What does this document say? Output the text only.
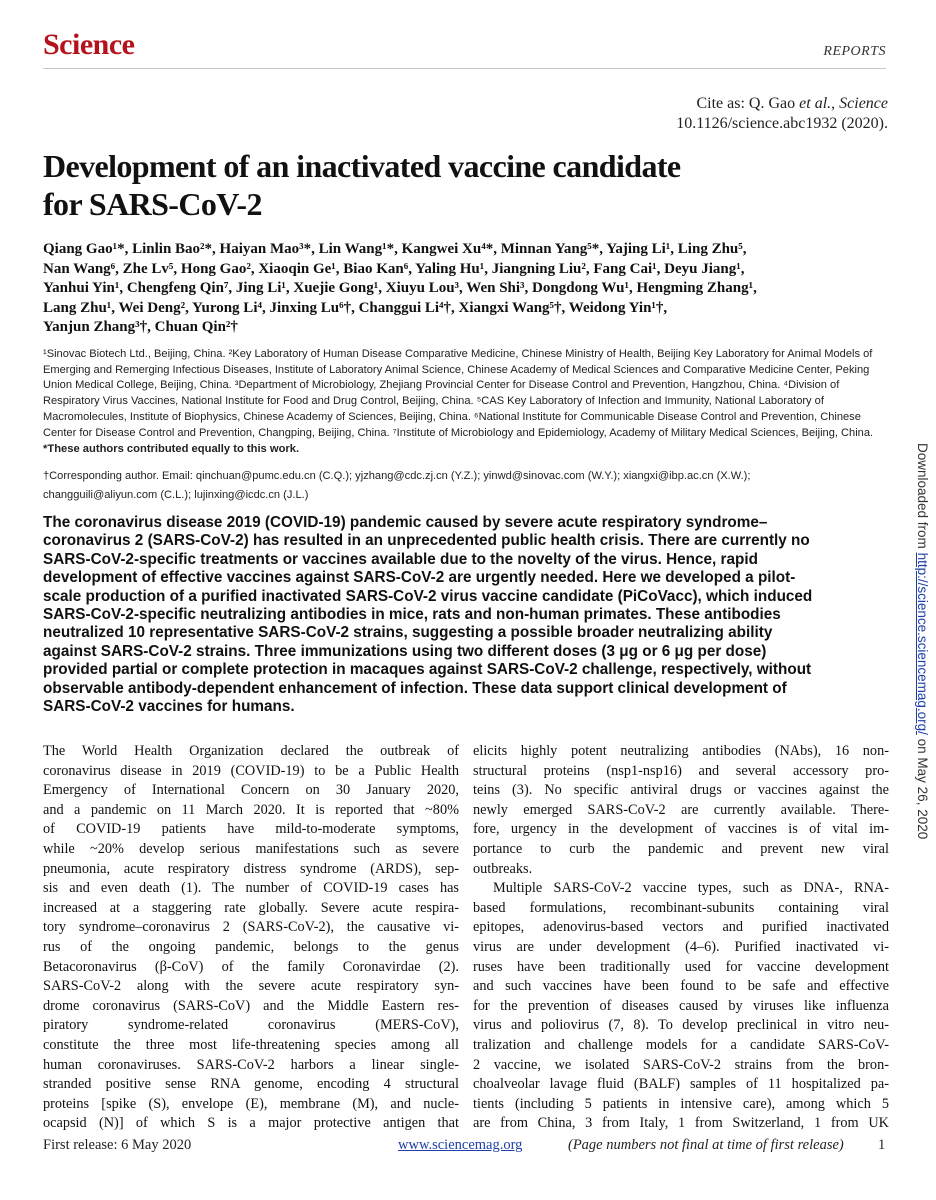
Science	REPORTS
Cite as: Q. Gao et al., Science
10.1126/science.abc1932 (2020).
Development of an inactivated vaccine candidate
for SARS-CoV-2
Qiang Gao¹*, Linlin Bao²*, Haiyan Mao³*, Lin Wang¹*, Kangwei Xu⁴*, Minnan Yang⁵*, Yajing Li¹, Ling Zhu⁵,
Nan Wang⁶, Zhe Lv⁵, Hong Gao², Xiaoqin Ge¹, Biao Kan⁶, Yaling Hu¹, Jiangning Liu², Fang Cai¹, Deyu Jiang¹,
Yanhui Yin¹, Chengfeng Qin⁷, Jing Li¹, Xuejie Gong¹, Xiuyu Lou³, Wen Shi³, Dongdong Wu¹, Hengming Zhang¹,
Lang Zhu¹, Wei Deng², Yurong Li⁴, Jinxing Lu⁶†, Changgui Li⁴†, Xiangxi Wang⁵†, Weidong Yin¹†,
Yanjun Zhang³†, Chuan Qin²†
¹Sinovac Biotech Ltd., Beijing, China. ²Key Laboratory of Human Disease Comparative Medicine, Chinese Ministry of Health, Beijing Key Laboratory for Animal Models of
Emerging and Remerging Infectious Diseases, Institute of Laboratory Animal Science, Chinese Academy of Medical Sciences and Comparative Medicine Center, Peking
Union Medical College, Beijing, China. ³Department of Microbiology, Zhejiang Provincial Center for Disease Control and Prevention, Hangzhou, China. ⁴Division of
Respiratory Virus Vaccines, National Institute for Food and Drug Control, Beijing, China. ⁵CAS Key Laboratory of Infection and Immunity, National Laboratory of
Macromolecules, Institute of Biophysics, Chinese Academy of Sciences, Beijing, China. ⁶National Institute for Communicable Disease Control and Prevention, Chinese
Center for Disease Control and Prevention, Changping, Beijing, China. ⁷Institute of Microbiology and Epidemiology, Academy of Military Medical Sciences, Beijing, China.
*These authors contributed equally to this work.
†Corresponding author. Email: qinchuan@pumc.edu.cn (C.Q.); yjzhang@cdc.zj.cn (Y.Z.); yinwd@sinovac.com (W.Y.); xiangxi@ibp.ac.cn (X.W.);
changguili@aliyun.com (C.L.); lujinxing@icdc.cn (J.L.)
The coronavirus disease 2019 (COVID-19) pandemic caused by severe acute respiratory syndrome–
coronavirus 2 (SARS-CoV-2) has resulted in an unprecedented public health crisis. There are currently no
SARS-CoV-2-specific treatments or vaccines available due to the novelty of the virus. Hence, rapid
development of effective vaccines against SARS-CoV-2 are urgently needed. Here we developed a pilot-
scale production of a purified inactivated SARS-CoV-2 virus vaccine candidate (PiCoVacc), which induced
SARS-CoV-2-specific neutralizing antibodies in mice, rats and non-human primates. These antibodies
neutralized 10 representative SARS-CoV-2 strains, suggesting a possible broader neutralizing ability
against SARS-CoV-2 strains. Three immunizations using two different doses (3 μg or 6 μg per dose)
provided partial or complete protection in macaques against SARS-CoV-2 challenge, respectively, without
observable antibody-dependent enhancement of infection. These data support clinical development of
SARS-CoV-2 vaccines for humans.
The World Health Organization declared the outbreak of
coronavirus disease in 2019 (COVID-19) to be a Public Health
Emergency of International Concern on 30 January 2020,
and a pandemic on 11 March 2020. It is reported that ~80%
of COVID-19 patients have mild-to-moderate symptoms,
while ~20% develop serious manifestations such as severe
pneumonia, acute respiratory distress syndrome (ARDS), sep-
sis and even death (1). The number of COVID-19 cases has
increased at a staggering rate globally. Severe acute respira-
tory syndrome–coronavirus 2 (SARS-CoV-2), the causative vi-
rus of the ongoing pandemic, belongs to the genus
Betacoronavirus (β-CoV) of the family Coronavirdae (2).
SARS-CoV-2 along with the severe acute respiratory syn-
drome coronavirus (SARS-CoV) and the Middle Eastern res-
piratory syndrome-related coronavirus (MERS-CoV),
constitute the three most life-threatening species among all
human coronaviruses. SARS-CoV-2 harbors a linear single-
stranded positive sense RNA genome, encoding 4 structural
proteins [spike (S), envelope (E), membrane (M), and nucle-
ocapsid (N)] of which S is a major protective antigen that
elicits highly potent neutralizing antibodies (NAbs), 16 non-
structural proteins (nsp1-nsp16) and several accessory pro-
teins (3). No specific antiviral drugs or vaccines against the
newly emerged SARS-CoV-2 are currently available. There-
fore, urgency in the development of vaccines is of vital im-
portance to curb the pandemic and prevent new viral
outbreaks.
Multiple SARS-CoV-2 vaccine types, such as DNA-, RNA-
based formulations, recombinant-subunits containing viral
epitopes, adenovirus-based vectors and purified inactivated
virus are under development (4–6). Purified inactivated vi-
ruses have been traditionally used for vaccine development
and such vaccines have been found to be safe and effective
for the prevention of diseases caused by viruses like influenza
virus and poliovirus (7, 8). To develop preclinical in vitro neu-
tralization and challenge models for a candidate SARS-CoV-
2 vaccine, we isolated SARS-CoV-2 strains from the bron-
choalveolar lavage fluid (BALF) samples of 11 hospitalized pa-
tients (including 5 patients in intensive care), among which 5
are from China, 3 from Italy, 1 from Switzerland, 1 from UK
First release: 6 May 2020	www.sciencemag.org	(Page numbers not final at time of first release) 1
Downloaded from http://science.sciencemag.org/ on May 26, 2020
